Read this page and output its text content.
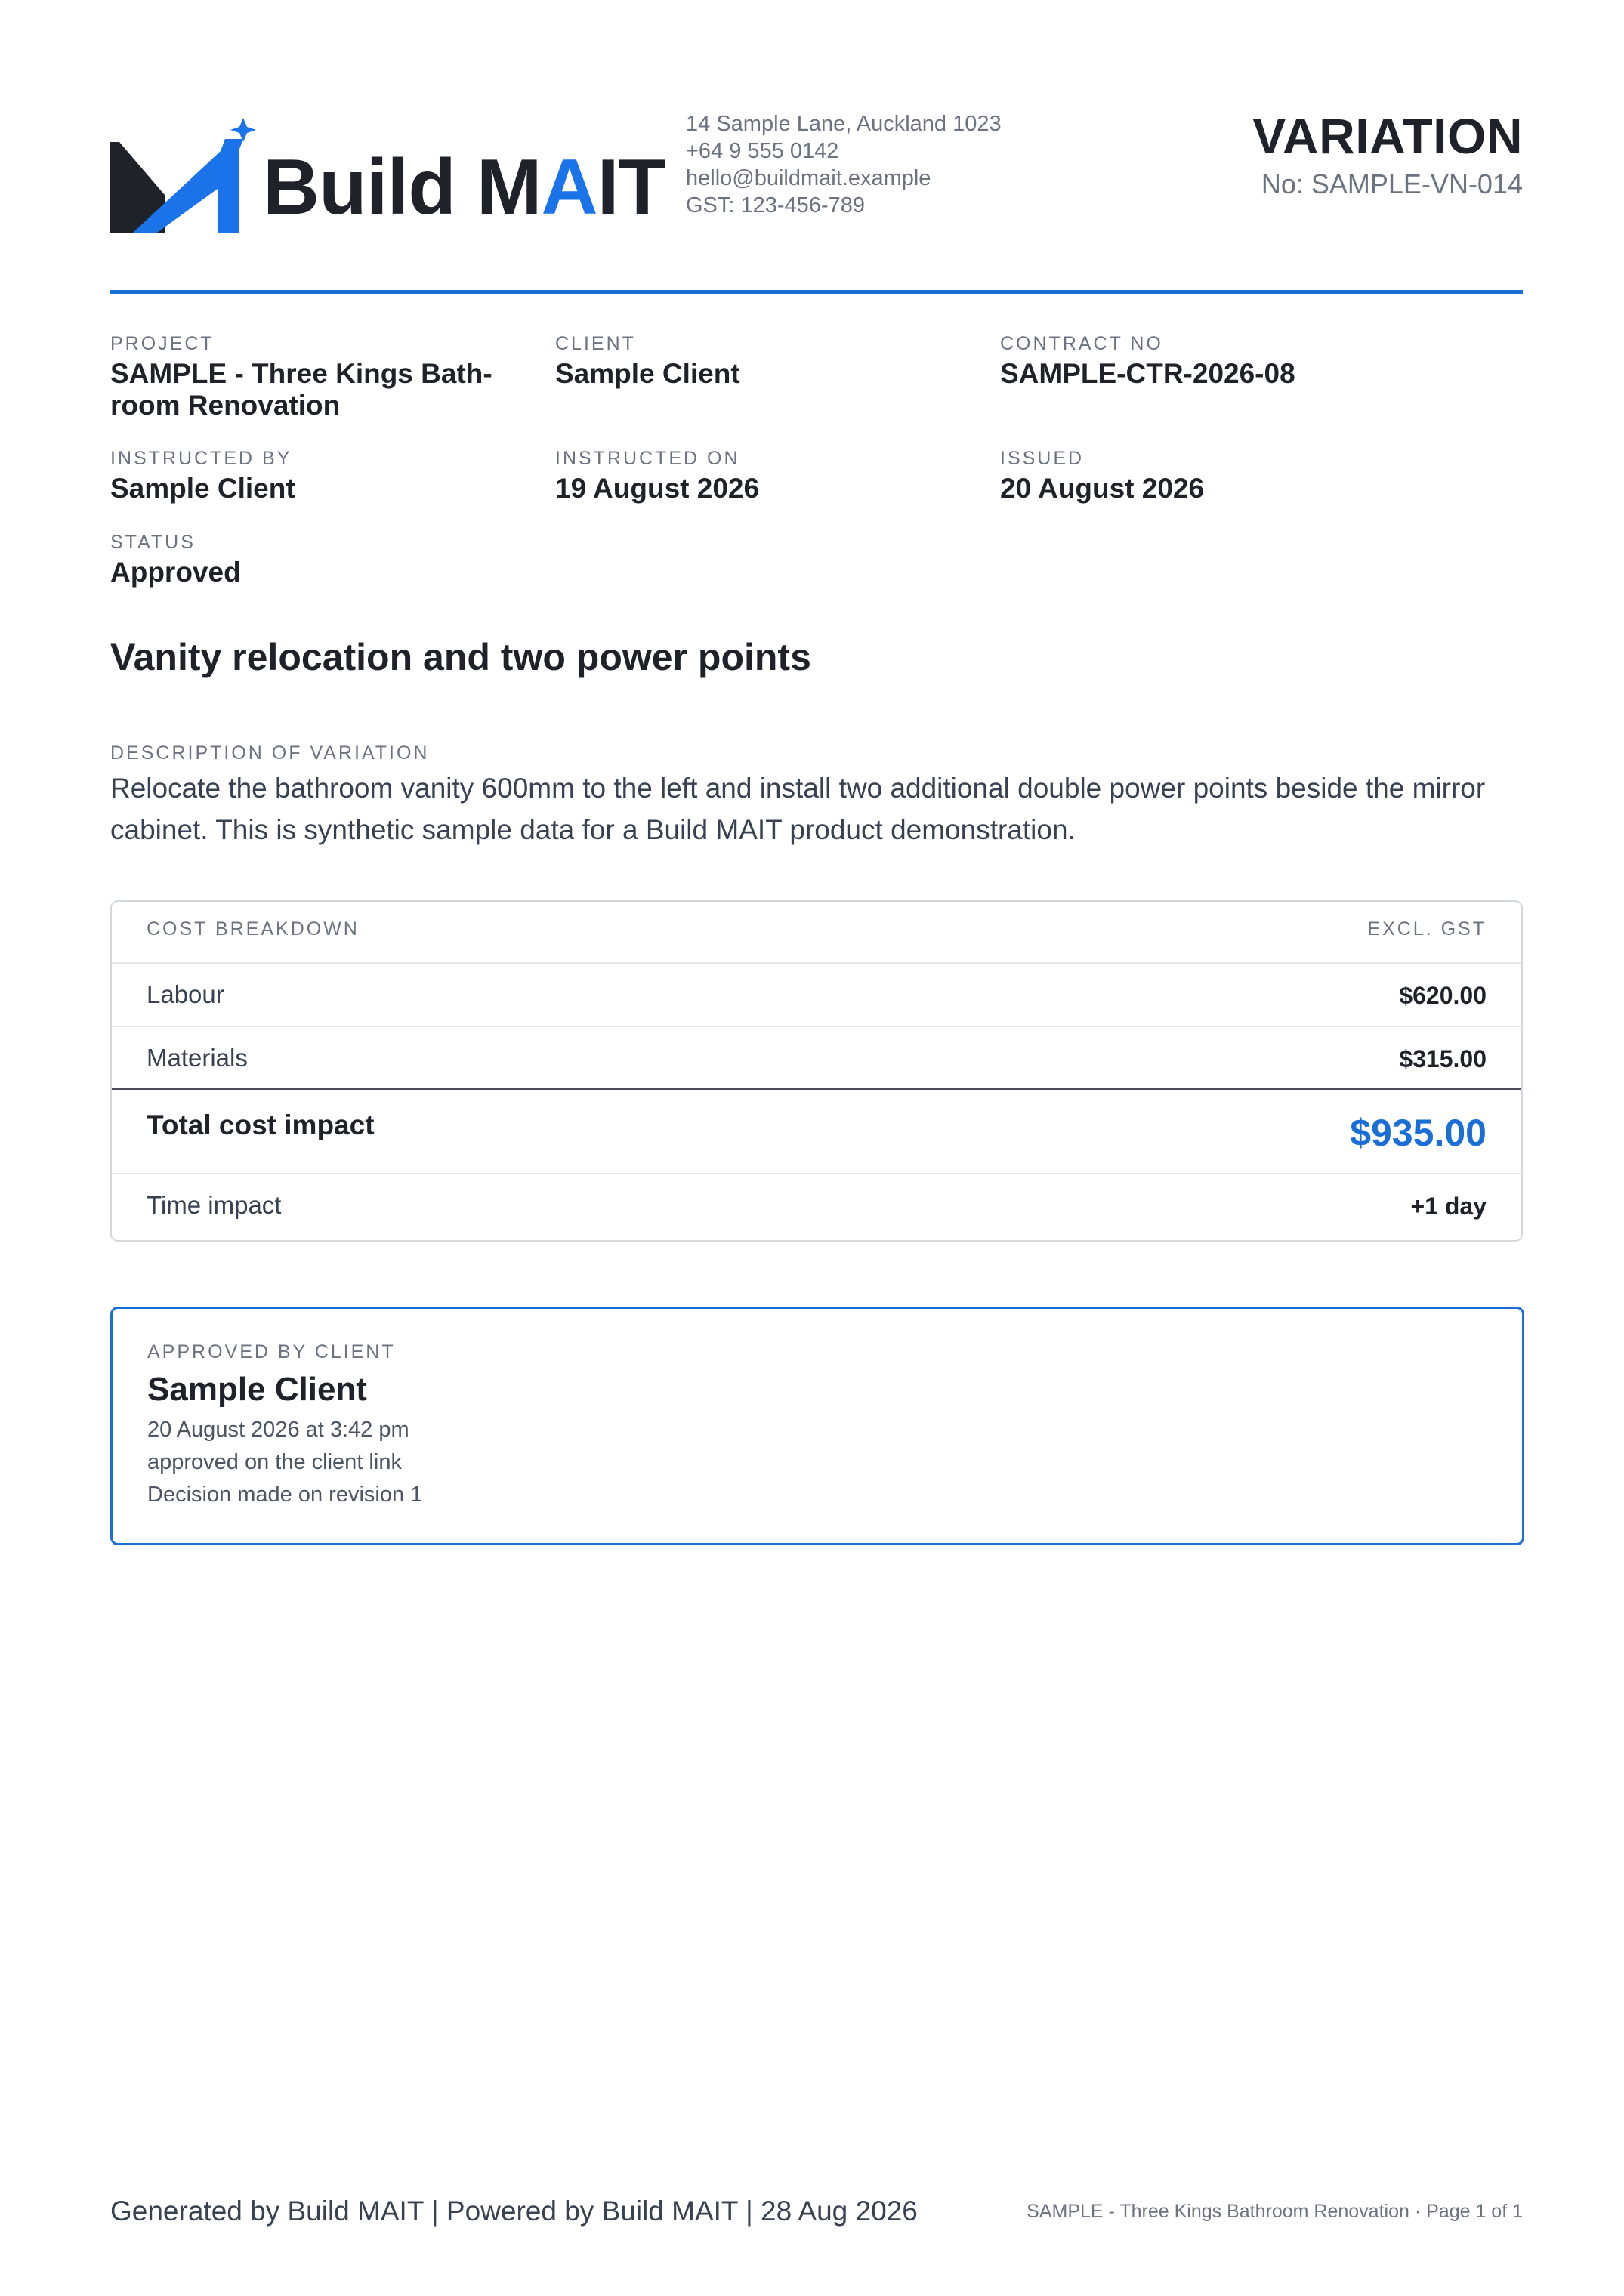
Build MAIT
14 Sample Lane, Auckland 1023
+64 9 555 0142
hello@buildmait.example
GST: 123-456-789
VARIATION
No: SAMPLE-VN-014
PROJECT
SAMPLE - Three Kings Bath-
room Renovation
CLIENT
Sample Client
CONTRACT NO
SAMPLE-CTR-2026-08
INSTRUCTED BY
Sample Client
INSTRUCTED ON
19 August 2026
ISSUED
20 August 2026
STATUS
Approved
Vanity relocation and two power points
DESCRIPTION OF VARIATION
Relocate the bathroom vanity 600mm to the left and install two additional double power points beside the mirror cabinet. This is synthetic sample data for a Build MAIT product demonstration.
COST BREAKDOWN	EXCL. GST
Labour	$620.00
Materials	$315.00
Total cost impact	$935.00
Time impact	+1 day
APPROVED BY CLIENT
Sample Client
20 August 2026 at 3:42 pm
approved on the client link
Decision made on revision 1
Generated by Build MAIT | Powered by Build MAIT | 28 Aug 2026	SAMPLE - Three Kings Bathroom Renovation · Page 1 of 1
